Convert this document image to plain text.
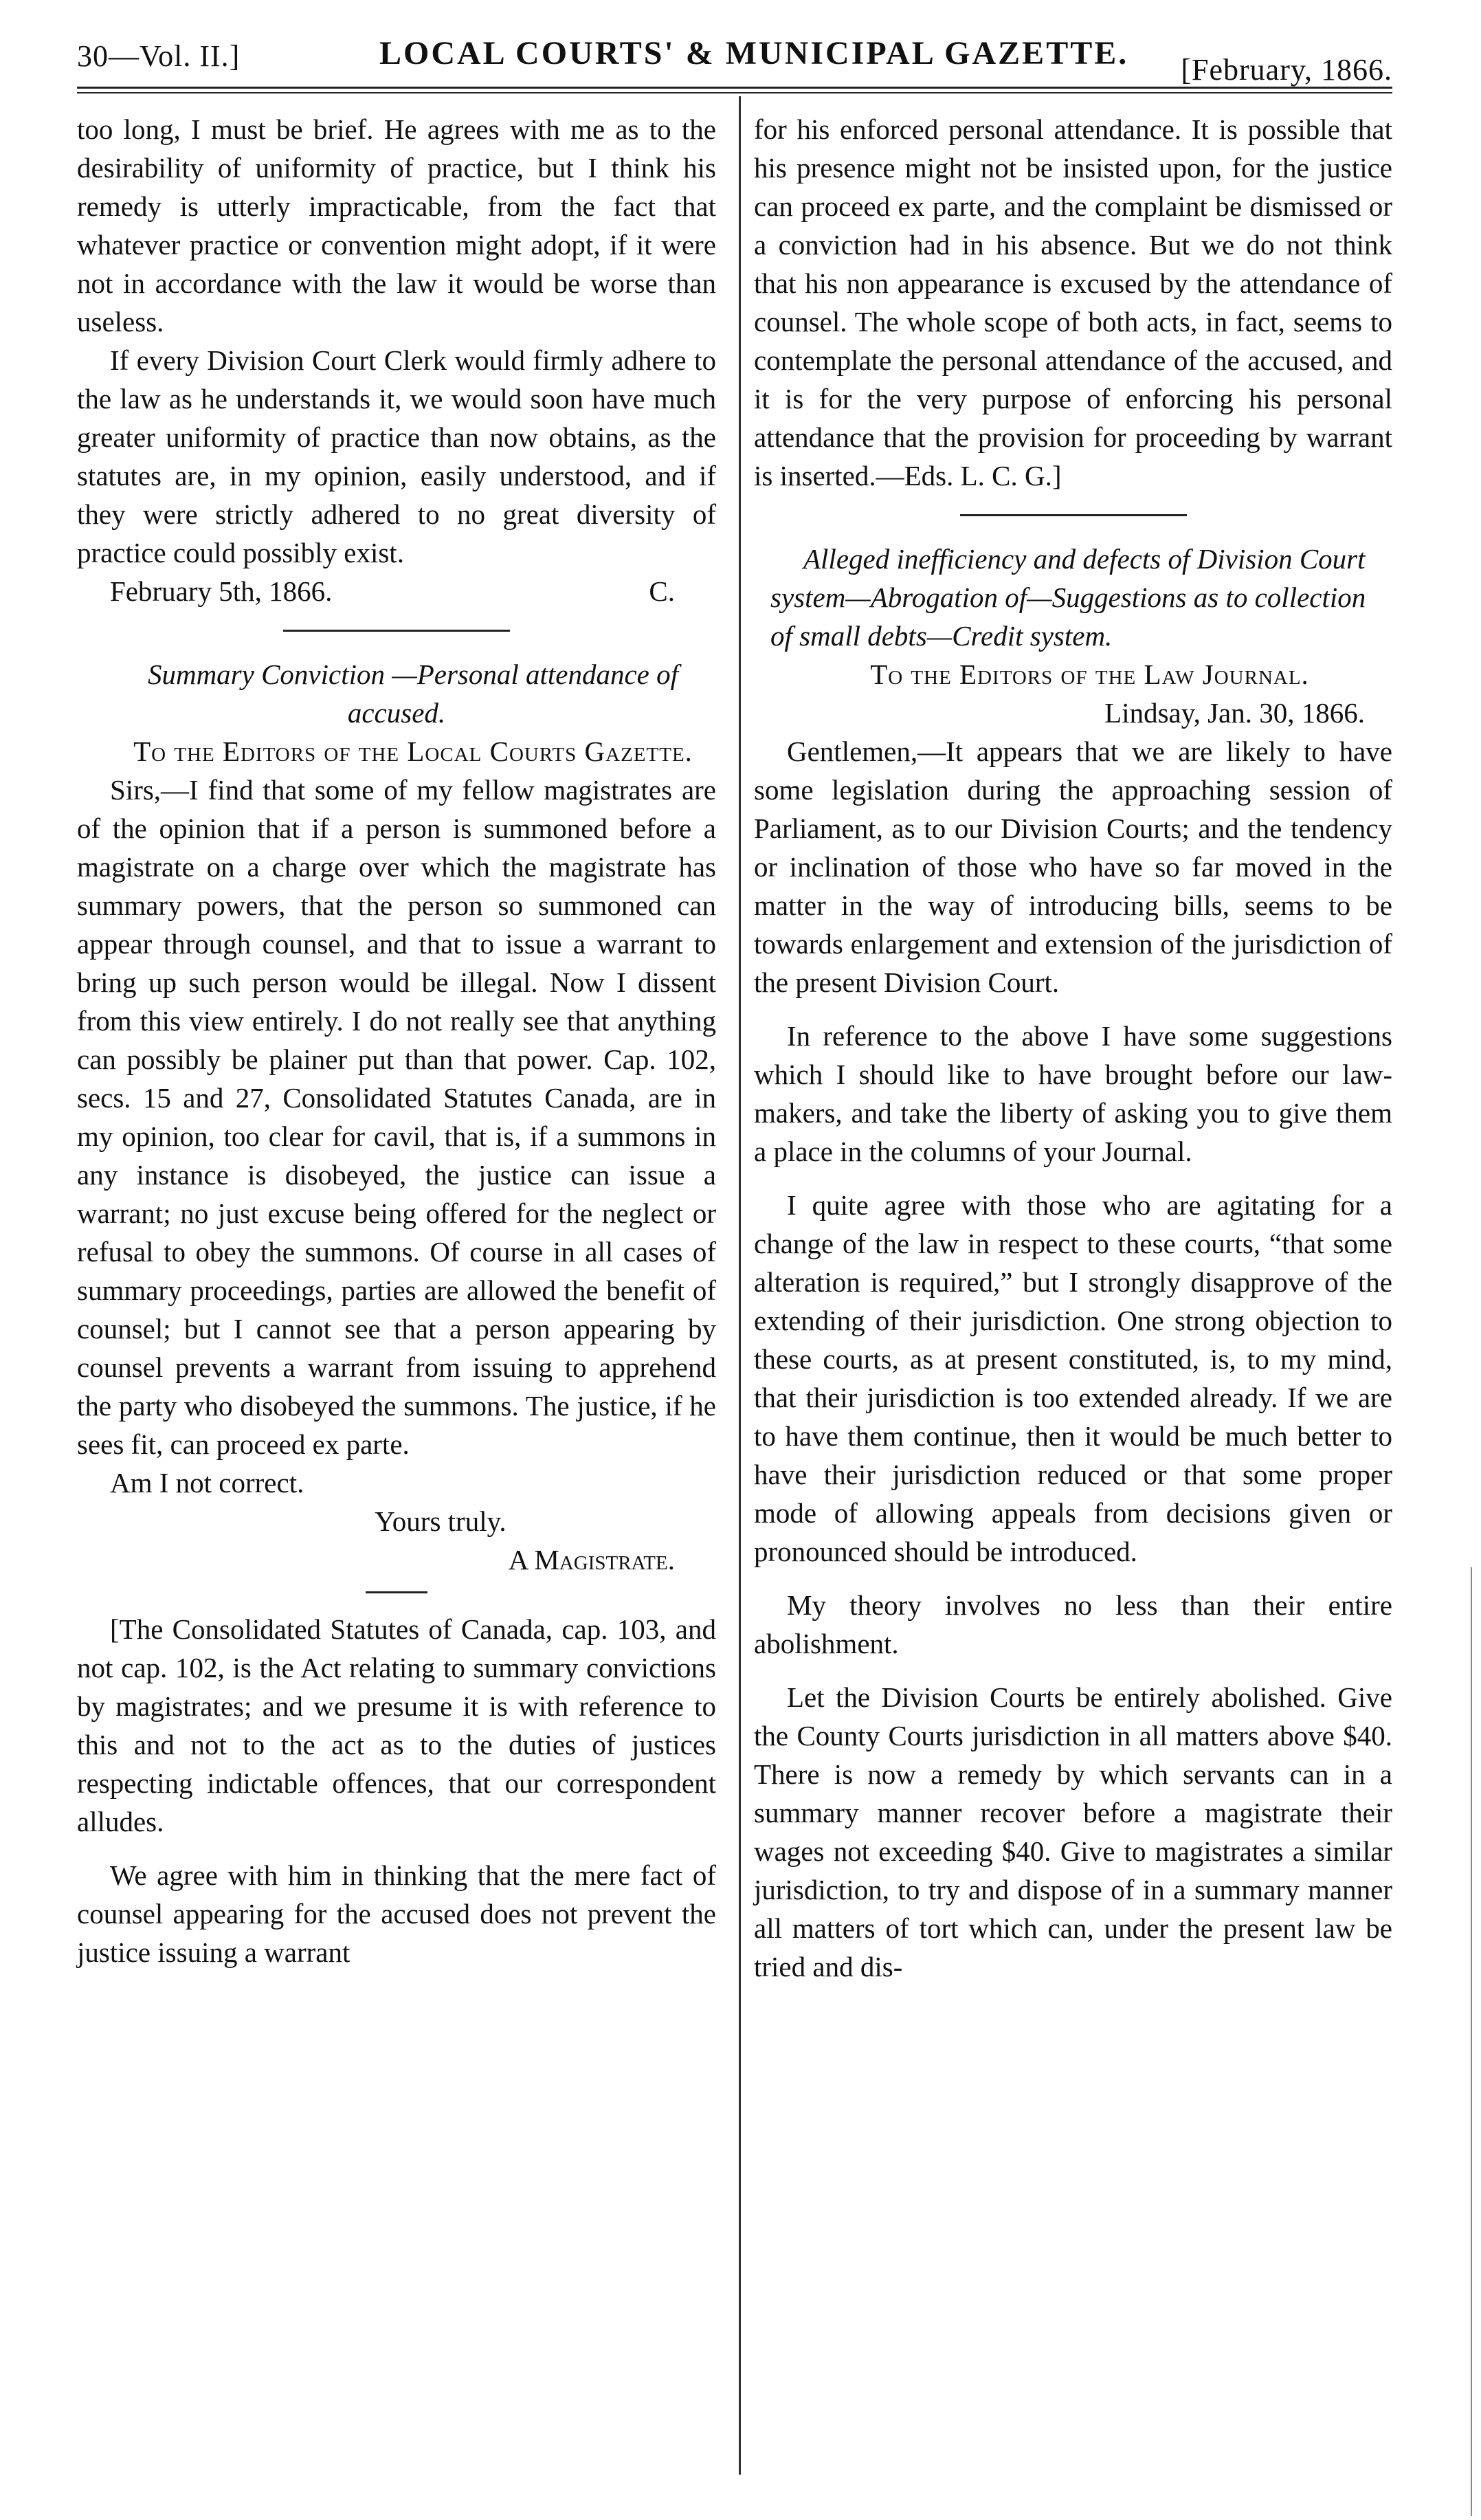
30—Vol. II.]	LOCAL COURTS' & MUNICIPAL GAZETTE. [February, 1866.

too long, I must be brief. He agrees with me as to the desirability of uniformity of practice, but I think his remedy is utterly impracticable, from the fact that whatever practice or convention might adopt, if it were not in accordance with the law it would be worse than useless.

If every Division Court Clerk would firmly adhere to the law as he understands it, we would soon have much greater uniformity of practice than now obtains, as the statutes are, in my opinion, easily understood, and if they were strictly adhered to no great diversity of practice could possibly exist.

February 5th, 1866.	C.

Summary Conviction —Personal attendance of accused.

To the Editors of the Local Courts Gazette.

Sirs,—I find that some of my fellow magistrates are of the opinion that if a person is summoned before a magistrate on a charge over which the magistrate has summary powers, that the person so summoned can appear through counsel, and that to issue a warrant to bring up such person would be illegal. Now I dissent from this view entirely. I do not really see that anything can possibly be plainer put than that power. Cap. 102, secs. 15 and 27, Consolidated Statutes Canada, are in my opinion, too clear for cavil, that is, if a summons in any instance is disobeyed, the justice can issue a warrant; no just excuse being offered for the neglect or refusal to obey the summons. Of course in all cases of summary proceedings, parties are allowed the benefit of counsel; but I cannot see that a person appearing by counsel prevents a warrant from issuing to apprehend the party who disobeyed the summons. The justice, if he sees fit, can proceed ex parte.

Am I not correct.

Yours truly.

A Magistrate.

[The Consolidated Statutes of Canada, cap. 103, and not cap. 102, is the Act relating to summary convictions by magistrates; and we presume it is with reference to this and not to the act as to the duties of justices respecting indictable offences, that our correspondent alludes.

We agree with him in thinking that the mere fact of counsel appearing for the accused does not prevent the justice issuing a warrant

for his enforced personal attendance. It is possible that his presence might not be insisted upon, for the justice can proceed ex parte, and the complaint be dismissed or a conviction had in his absence. But we do not think that his non appearance is excused by the attendance of counsel. The whole scope of both acts, in fact, seems to contemplate the personal attendance of the accused, and it is for the very purpose of enforcing his personal attendance that the provision for proceeding by warrant is inserted.—Eds. L. C. G.]

Alleged inefficiency and defects of Division Court system—Abrogation of—Suggestions as to collection of small debts—Credit system.

To the Editors of the Law Journal.

Lindsay, Jan. 30, 1866.

Gentlemen,—It appears that we are likely to have some legislation during the approaching session of Parliament, as to our Division Courts; and the tendency or inclination of those who have so far moved in the matter in the way of introducing bills, seems to be towards enlargement and extension of the jurisdiction of the present Division Court.

In reference to the above I have some suggestions which I should like to have brought before our law-makers, and take the liberty of asking you to give them a place in the columns of your Journal.

I quite agree with those who are agitating for a change of the law in respect to these courts, “that some alteration is required,” but I strongly disapprove of the extending of their jurisdiction. One strong objection to these courts, as at present constituted, is, to my mind, that their jurisdiction is too extended already. If we are to have them continue, then it would be much better to have their jurisdiction reduced or that some proper mode of allowing appeals from decisions given or pronounced should be introduced.

My theory involves no less than their entire abolishment.

Let the Division Courts be entirely abolished. Give the County Courts jurisdiction in all matters above $40. There is now a remedy by which servants can in a summary manner recover before a magistrate their wages not exceeding $40. Give to magistrates a similar jurisdiction, to try and dispose of in a summary manner all matters of tort which can, under the present law be tried and dis-
